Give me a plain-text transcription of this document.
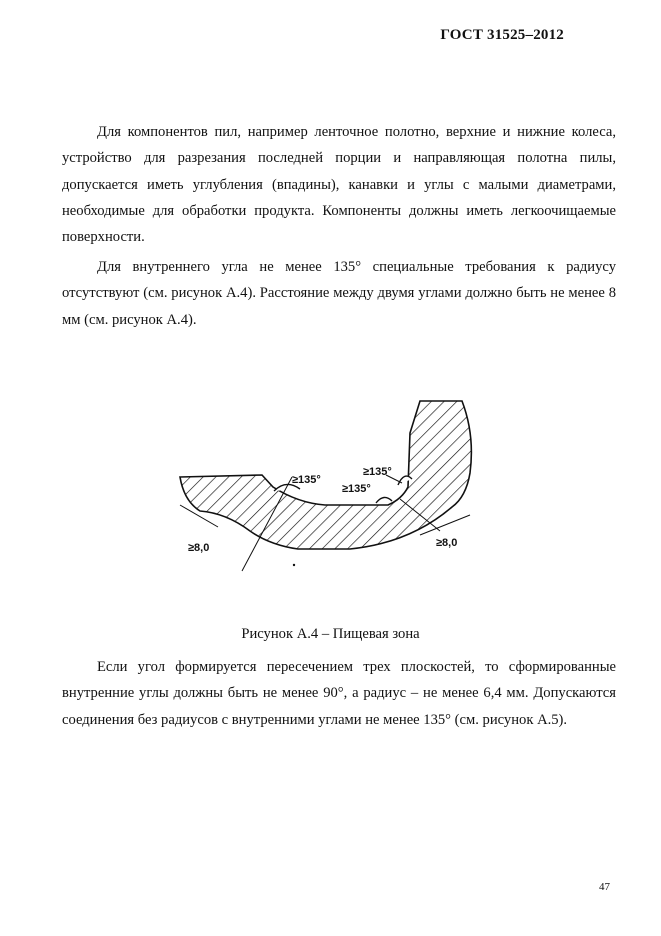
ГОСТ 31525–2012

Для компонентов пил, например ленточное полотно, верхние и нижние колеса, устройство для разрезания последней порции и направляющая полотна пилы, допускается иметь углубления (впадины), канавки и углы с малыми диаметрами, необходимые для обработки продукта. Компоненты должны иметь легкоочищаемые поверхности.

Для внутреннего угла не менее 135° специальные требования к радиусу отсутствуют (см. рисунок А.4). Расстояние между двумя углами должно быть не менее 8 мм (см. рисунок А.4).

≥135°
≥135°
≥135°
≥8,0	≥8,0
Рисунок А.4 – Пищевая зона

Если угол формируется пересечением трех плоскостей, то сформированные внутренние углы должны быть не менее 90°, а радиус – не менее 6,4 мм. Допускаются соединения без радиусов с внутренними углами не менее 135° (см. рисунок А.5).

47
